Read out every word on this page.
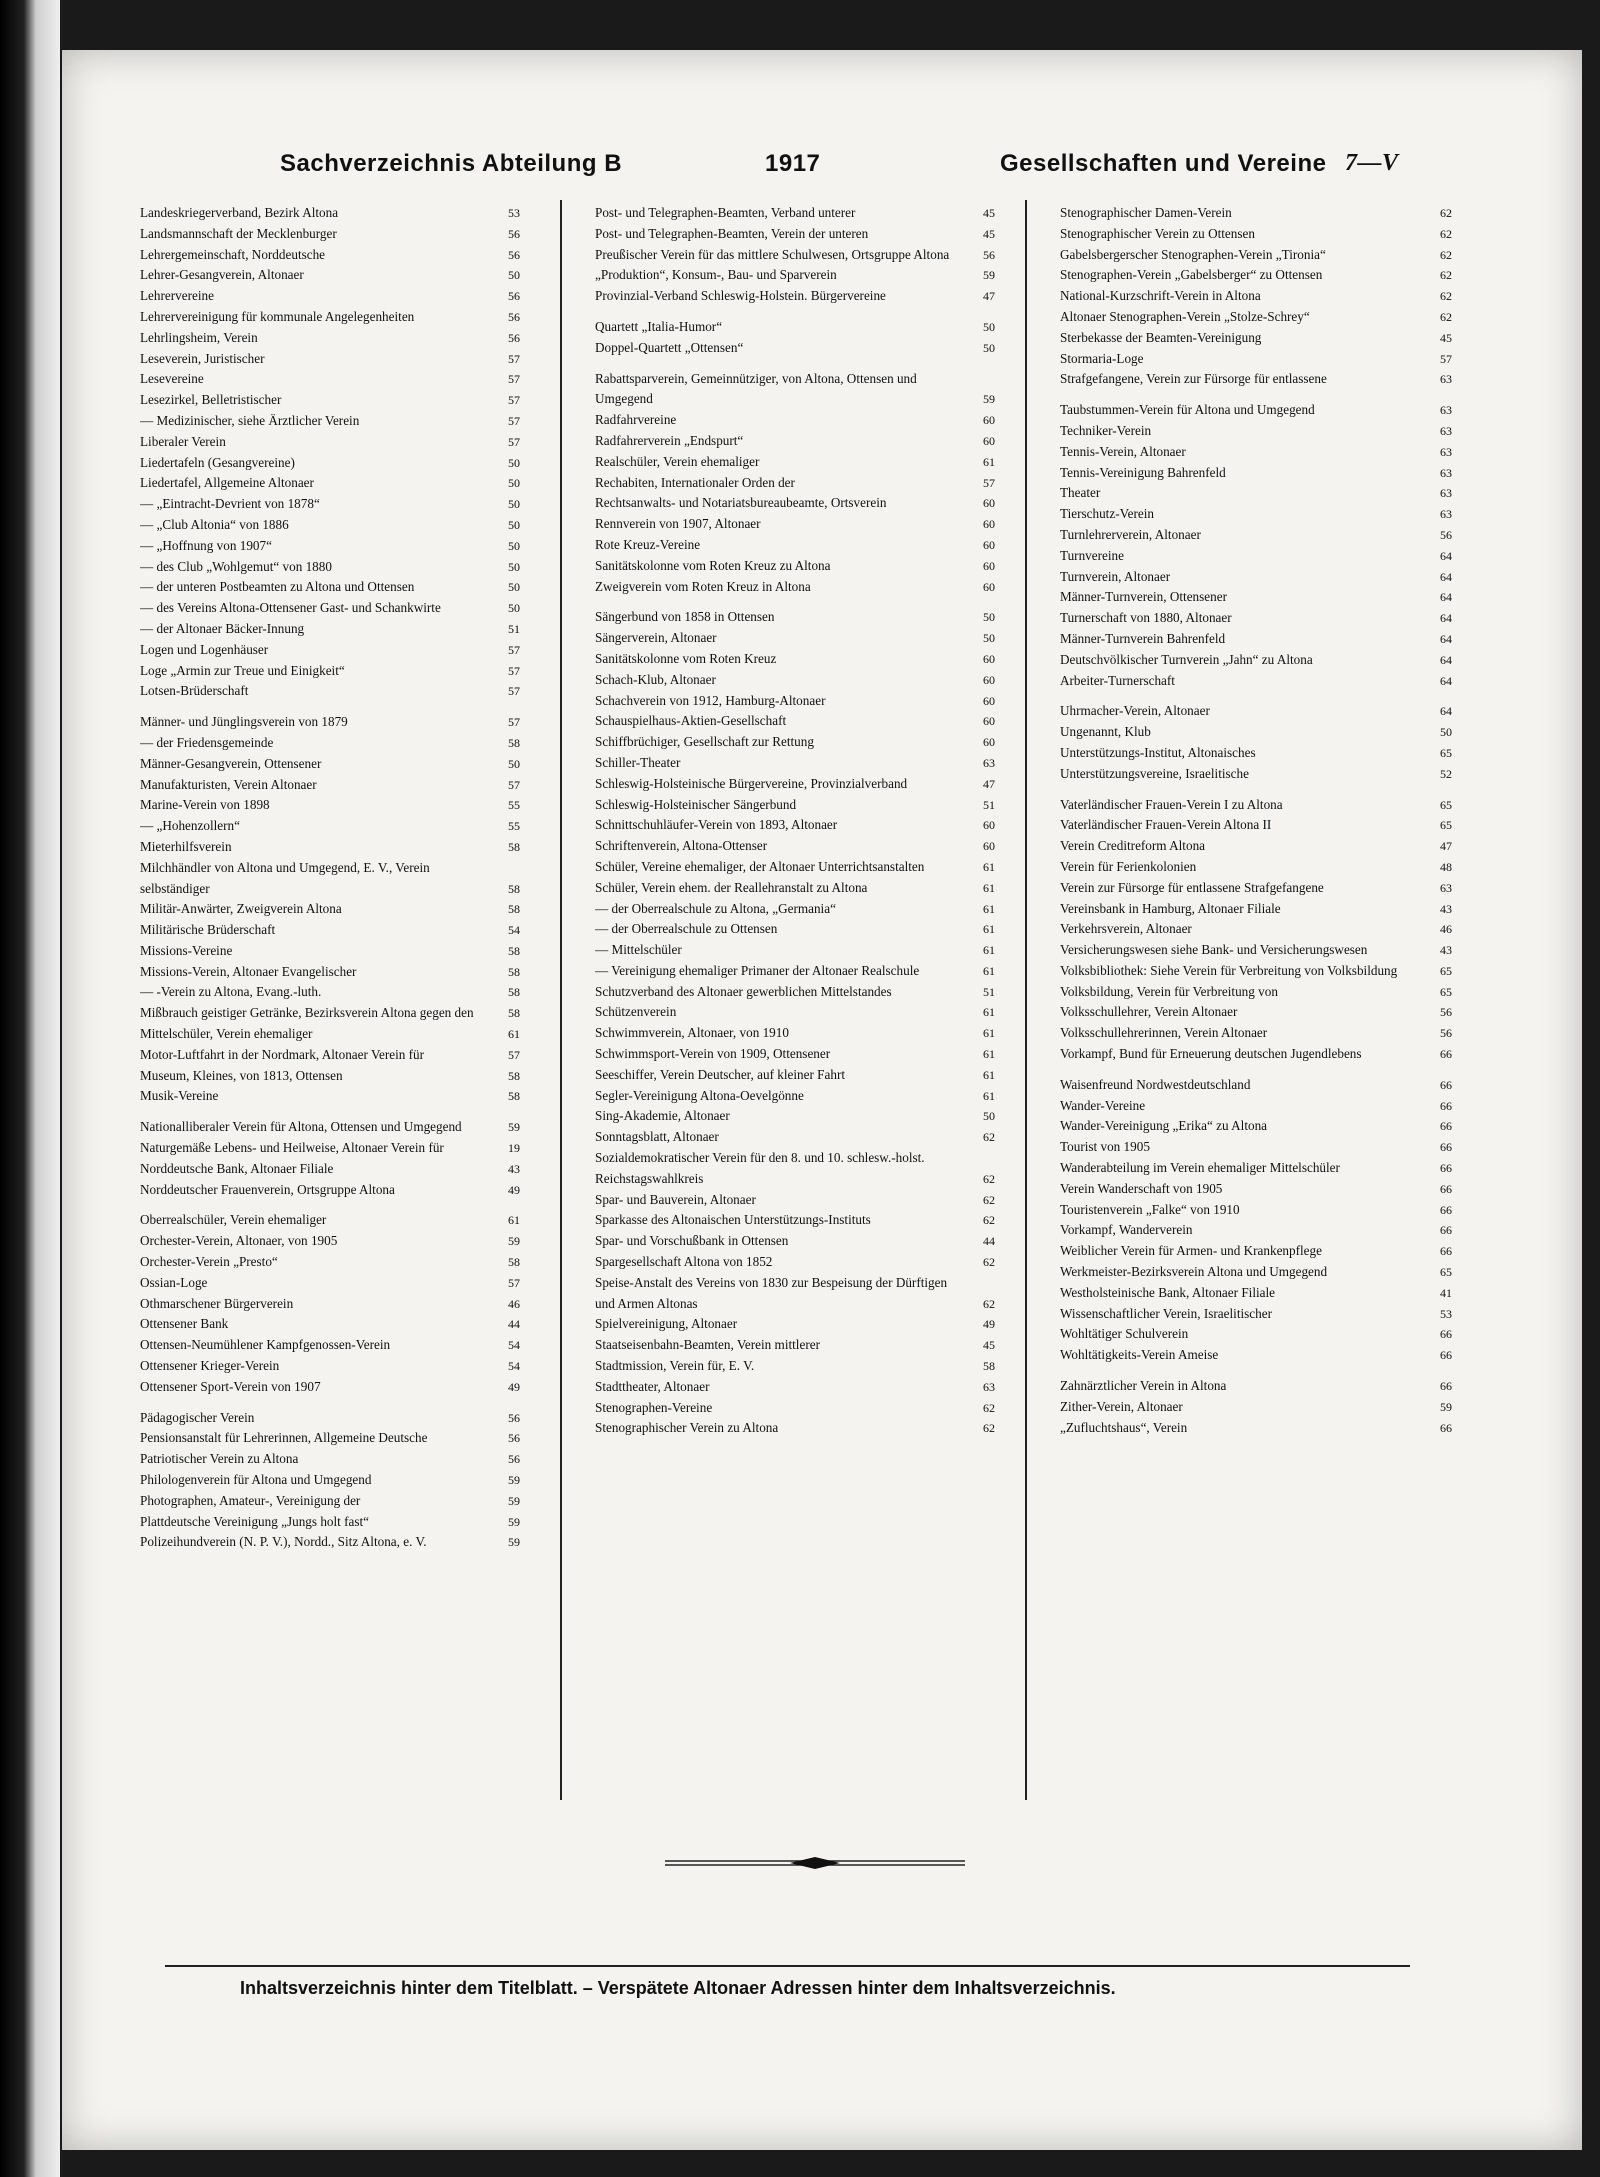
Sachverzeichnis Abteilung B	1917	Gesellschaften und Vereine 7—V
Landeskriegerverband, Bezirk Altona	53
Landsmannschaft der Mecklenburger	56
Lehrergemeinschaft, Norddeutsche	56
Lehrer-Gesangverein, Altonaer	50
Lehrervereine	56
Lehrervereinigung für kommunale Angelegenheiten	56
Lehrlingsheim, Verein	56
Leseverein, Juristischer	57
Lesevereine	57
Lesezirkel, Belletristischer	57
— Medizinischer, siehe Ärztlicher Verein	57
Liberaler Verein	57
Liedertafeln (Gesangvereine)	50
Liedertafel, Allgemeine Altonaer	50
— „Eintracht-Devrient von 1878“	50
— „Club Altonia“ von 1886	50
— „Hoffnung von 1907“	50
— des Club „Wohlgemut“ von 1880	50
— der unteren Postbeamten zu Altona und Ottensen	50
— des Vereins Altona-Ottensener Gast- und Schankwirte	50
— der Altonaer Bäcker-Innung	51
Logen und Logenhäuser	57
Loge „Armin zur Treue und Einigkeit“	57
Lotsen-Brüderschaft	57
Männer- und Jünglingsverein von 1879	57
— der Friedensgemeinde	58
Männer-Gesangverein, Ottensener	50
Manufakturisten, Verein Altonaer	57
Marine-Verein von 1898	55
— „Hohenzollern“	55
Mieterhilfsverein	58
Milchhändler von Altona und Umgegend, E. V., Verein selbständiger	58
Militär-Anwärter, Zweigverein Altona	58
Militärische Brüderschaft	54
Missions-Vereine	58
Missions-Verein, Altonaer Evangelischer	58
— -Verein zu Altona, Evang.-luth.	58
Mißbrauch geistiger Getränke, Bezirksverein Altona gegen den	58
Mittelschüler, Verein ehemaliger	61
Motor-Luftfahrt in der Nordmark, Altonaer Verein für	57
Museum, Kleines, von 1813, Ottensen	58
Musik-Vereine	58
Nationalliberaler Verein für Altona, Ottensen und Umgegend	59
Naturgemäße Lebens- und Heilweise, Altonaer Verein für	19
Norddeutsche Bank, Altonaer Filiale	43
Norddeutscher Frauenverein, Ortsgruppe Altona	49
Oberrealschüler, Verein ehemaliger	61
Orchester-Verein, Altonaer, von 1905	59
Orchester-Verein „Presto“	58
Ossian-Loge	57
Othmarschener Bürgerverein	46
Ottensener Bank	44
Ottensen-Neumühlener Kampfgenossen-Verein	54
Ottensener Krieger-Verein	54
Ottensener Sport-Verein von 1907	49
Pädagogischer Verein	56
Pensionsanstalt für Lehrerinnen, Allgemeine Deutsche	56
Patriotischer Verein zu Altona	56
Philologenverein für Altona und Umgegend	59
Photographen, Amateur-, Vereinigung der	59
Plattdeutsche Vereinigung „Jungs holt fast“	59
Polizeihundverein (N. P. V.), Nordd., Sitz Altona, e. V.	59
Post- und Telegraphen-Beamten, Verband unterer	45
Post- und Telegraphen-Beamten, Verein der unteren	45
Preußischer Verein für das mittlere Schulwesen, Ortsgruppe Altona	56
„Produktion“, Konsum-, Bau- und Sparverein	59
Provinzial-Verband Schleswig-Holstein. Bürgervereine	47
Quartett „Italia-Humor“	50
Doppel-Quartett „Ottensen“	50
Rabattsparverein, Gemeinnütziger, von Altona, Ottensen und Umgegend	59
Radfahrvereine	60
Radfahrerverein „Endspurt“	60
Realschüler, Verein ehemaliger	61
Rechabiten, Internationaler Orden der	57
Rechtsanwalts- und Notariatsbureaubeamte, Ortsverein	60
Rennverein von 1907, Altonaer	60
Rote Kreuz-Vereine	60
Sanitätskolonne vom Roten Kreuz zu Altona	60
Zweigverein vom Roten Kreuz in Altona	60
Sängerbund von 1858 in Ottensen	50
Sängerverein, Altonaer	50
Sanitätskolonne vom Roten Kreuz	60
Schach-Klub, Altonaer	60
Schachverein von 1912, Hamburg-Altonaer	60
Schauspielhaus-Aktien-Gesellschaft	60
Schiffbrüchiger, Gesellschaft zur Rettung	60
Schiller-Theater	63
Schleswig-Holsteinische Bürgervereine, Provinzialverband	47
Schleswig-Holsteinischer Sängerbund	51
Schnittschuhläufer-Verein von 1893, Altonaer	60
Schriftenverein, Altona-Ottenser	60
Schüler, Vereine ehemaliger, der Altonaer Unterrichtsanstalten	61
Schüler, Verein ehem. der Reallehranstalt zu Altona	61
— der Oberrealschule zu Altona, „Germania“	61
— der Oberrealschule zu Ottensen	61
— Mittelschüler	61
— Vereinigung ehemaliger Primaner der Altonaer Realschule	61
Schutzverband des Altonaer gewerblichen Mittelstandes	51
Schützenverein	61
Schwimmverein, Altonaer, von 1910	61
Schwimmsport-Verein von 1909, Ottensener	61
Seeschiffer, Verein Deutscher, auf kleiner Fahrt	61
Segler-Vereinigung Altona-Oevelgönne	61
Sing-Akademie, Altonaer	50
Sonntagsblatt, Altonaer	62
Sozialdemokratischer Verein für den 8. und 10. schlesw.-holst. Reichstagswahlkreis	62
Spar- und Bauverein, Altonaer	62
Sparkasse des Altonaischen Unterstützungs-Instituts	62
Spar- und Vorschußbank in Ottensen	44
Spargesellschaft Altona von 1852	62
Speise-Anstalt des Vereins von 1830 zur Bespeisung der Dürftigen und Armen Altonas	62
Spielvereinigung, Altonaer	49
Staatseisenbahn-Beamten, Verein mittlerer	45
Stadtmission, Verein für, E. V.	58
Stadttheater, Altonaer	63
Stenographen-Vereine	62
Stenographischer Verein zu Altona	62
Stenographischer Damen-Verein	62
Stenographischer Verein zu Ottensen	62
Gabelsbergerscher Stenographen-Verein „Tironia“	62
Stenographen-Verein „Gabelsberger“ zu Ottensen	62
National-Kurzschrift-Verein in Altona	62
Altonaer Stenographen-Verein „Stolze-Schrey“	62
Sterbekasse der Beamten-Vereinigung	45
Stormaria-Loge	57
Strafgefangene, Verein zur Fürsorge für entlassene	63
Taubstummen-Verein für Altona und Umgegend	63
Techniker-Verein	63
Tennis-Verein, Altonaer	63
Tennis-Vereinigung Bahrenfeld	63
Theater	63
Tierschutz-Verein	63
Turnlehrerverein, Altonaer	56
Turnvereine	64
Turnverein, Altonaer	64
Männer-Turnverein, Ottensener	64
Turnerschaft von 1880, Altonaer	64
Männer-Turnverein Bahrenfeld	64
Deutschvölkischer Turnverein „Jahn“ zu Altona	64
Arbeiter-Turnerschaft	64
Uhrmacher-Verein, Altonaer	64
Ungenannt, Klub	50
Unterstützungs-Institut, Altonaisches	65
Unterstützungsvereine, Israelitische	52
Vaterländischer Frauen-Verein I zu Altona	65
Vaterländischer Frauen-Verein Altona II	65
Verein Creditreform Altona	47
Verein für Ferienkolonien	48
Verein zur Fürsorge für entlassene Strafgefangene	63
Vereinsbank in Hamburg, Altonaer Filiale	43
Verkehrsverein, Altonaer	46
Versicherungswesen siehe Bank- und Versicherungswesen	43
Volksbibliothek: Siehe Verein für Verbreitung von Volksbildung	65
Volksbildung, Verein für Verbreitung von	65
Volksschullehrer, Verein Altonaer	56
Volksschullehrerinnen, Verein Altonaer	56
Vorkampf, Bund für Erneuerung deutschen Jugendlebens	66
Waisenfreund Nordwestdeutschland	66
Wander-Vereine	66
Wander-Vereinigung „Erika“ zu Altona	66
Tourist von 1905	66
Wanderabteilung im Verein ehemaliger Mittelschüler	66
Verein Wanderschaft von 1905	66
Touristenverein „Falke“ von 1910	66
Vorkampf, Wanderverein	66
Weiblicher Verein für Armen- und Krankenpflege	66
Werkmeister-Bezirksverein Altona und Umgegend	65
Westholsteinische Bank, Altonaer Filiale	41
Wissenschaftlicher Verein, Israelitischer	53
Wohltätiger Schulverein	66
Wohltätigkeits-Verein Ameise	66
Zahnärztlicher Verein in Altona	66
Zither-Verein, Altonaer	59
„Zufluchtshaus“, Verein	66
Inhaltsverzeichnis hinter dem Titelblatt. – Verspätete Altonaer Adressen hinter dem Inhaltsverzeichnis.
